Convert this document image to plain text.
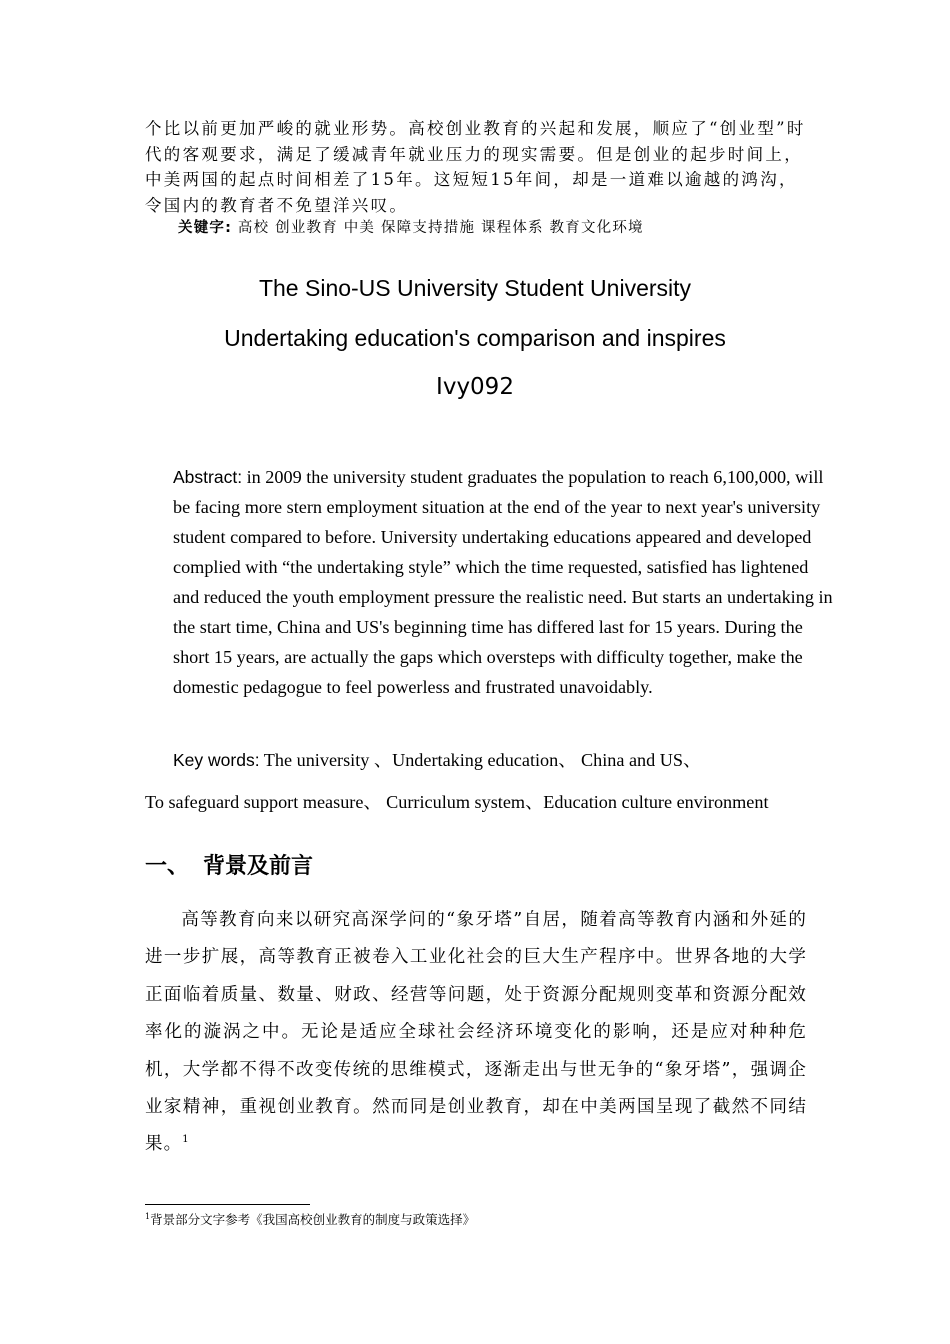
个比以前更加严峻的就业形势。高校创业教育的兴起和发展，顺应了“创业型”时代的客观要求，满足了缓减青年就业压力的现实需要。但是创业的起步时间上，中美两国的起点时间相差了15年。这短短15年间，却是一道难以逾越的鸿沟，令国内的教育者不免望洋兴叹。
关键字: 高校 创业教育 中美 保障支持措施 课程体系 教育文化环境
The Sino-US University Student University
Undertaking education's comparison and inspires
Ivy092
Abstract: in 2009 the university student graduates the population to reach 6,100,000, will be facing more stern employment situation at the end of the year to next year's university student compared to before. University undertaking educations appeared and developed complied with “the undertaking style” which the time requested, satisfied has lightened and reduced the youth employment pressure the realistic need. But starts an undertaking in the start time, China and US's beginning time has differed last for 15 years. During the short 15 years, are actually the gaps which oversteps with difficulty together, make the domestic pedagogue to feel powerless and frustrated unavoidably.
Key words: The university 、Undertaking education、 China and US、
To safeguard support measure、 Curriculum system、Education culture environment
一、 背景及前言
高等教育向来以研究高深学问的“象牙塔”自居，随着高等教育内涵和外延的进一步扩展，高等教育正被卷入工业化社会的巨大生产程序中。世界各地的大学正面临着质量、数量、财政、经营等问题，处于资源分配规则变革和资源分配效率化的漩涡之中。无论是适应全球社会经济环境变化的影响，还是应对种种危机，大学都不得不改变传统的思维模式，逐渐走出与世无争的“象牙塔”，强调企业家精神，重视创业教育。然而同是创业教育，却在中美两国呈现了截然不同结果。$^1$
$^1$背景部分文字参考《我国高校创业教育的制度与政策选择》
